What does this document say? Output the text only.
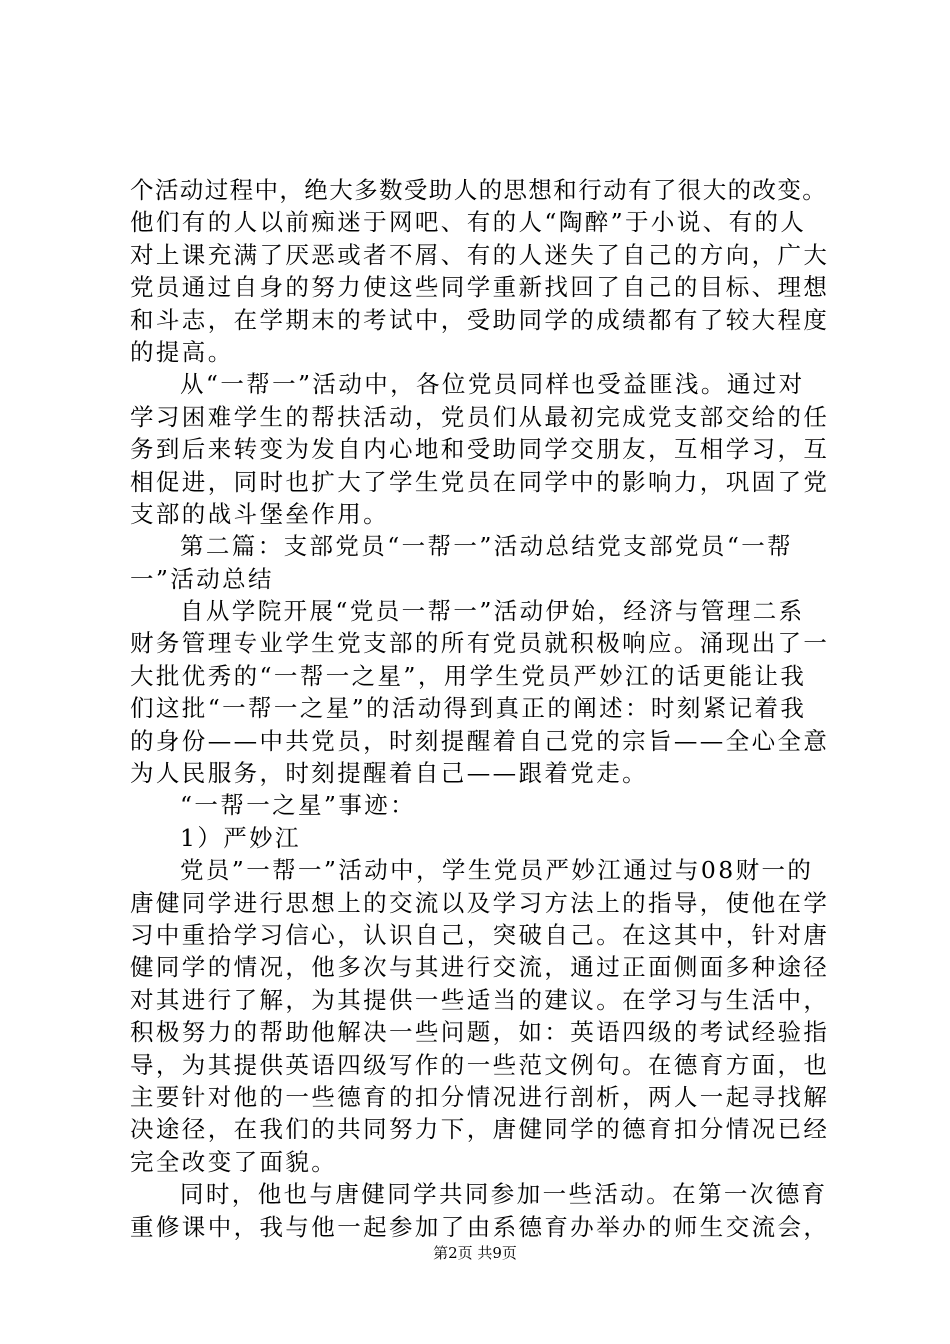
个活动过程中，绝大多数受助人的思想和行动有了很大的改变。
他们有的人以前痴迷于网吧、有的人“陶醉”于小说、有的人
对上课充满了厌恶或者不屑、有的人迷失了自己的方向，广大
党员通过自身的努力使这些同学重新找回了自己的目标、理想
和斗志，在学期末的考试中，受助同学的成绩都有了较大程度
的提高。
从“一帮一”活动中，各位党员同样也受益匪浅。通过对
学习困难学生的帮扶活动，党员们从最初完成党支部交给的任
务到后来转变为发自内心地和受助同学交朋友，互相学习，互
相促进，同时也扩大了学生党员在同学中的影响力，巩固了党
支部的战斗堡垒作用。
第二篇：支部党员“一帮一”活动总结党支部党员“一帮
一”活动总结
自从学院开展“党员一帮一”活动伊始，经济与管理二系
财务管理专业学生党支部的所有党员就积极响应。涌现出了一
大批优秀的“一帮一之星”，用学生党员严妙江的话更能让我
们这批“一帮一之星”的活动得到真正的阐述：时刻紧记着我
的身份——中共党员，时刻提醒着自己党的宗旨——全心全意
为人民服务，时刻提醒着自己——跟着党走。
“一帮一之星”事迹：
1）严妙江
党员”一帮一”活动中，学生党员严妙江通过与08财一的
唐健同学进行思想上的交流以及学习方法上的指导，使他在学
习中重拾学习信心，认识自己，突破自己。在这其中，针对唐
健同学的情况，他多次与其进行交流，通过正面侧面多种途径
对其进行了解，为其提供一些适当的建议。在学习与生活中，
积极努力的帮助他解决一些问题，如：英语四级的考试经验指
导，为其提供英语四级写作的一些范文例句。在德育方面，也
主要针对他的一些德育的扣分情况进行剖析，两人一起寻找解
决途径，在我们的共同努力下，唐健同学的德育扣分情况已经
完全改变了面貌。
同时，他也与唐健同学共同参加一些活动。在第一次德育
重修课中，我与他一起参加了由系德育办举办的师生交流会，
第2页 共9页
